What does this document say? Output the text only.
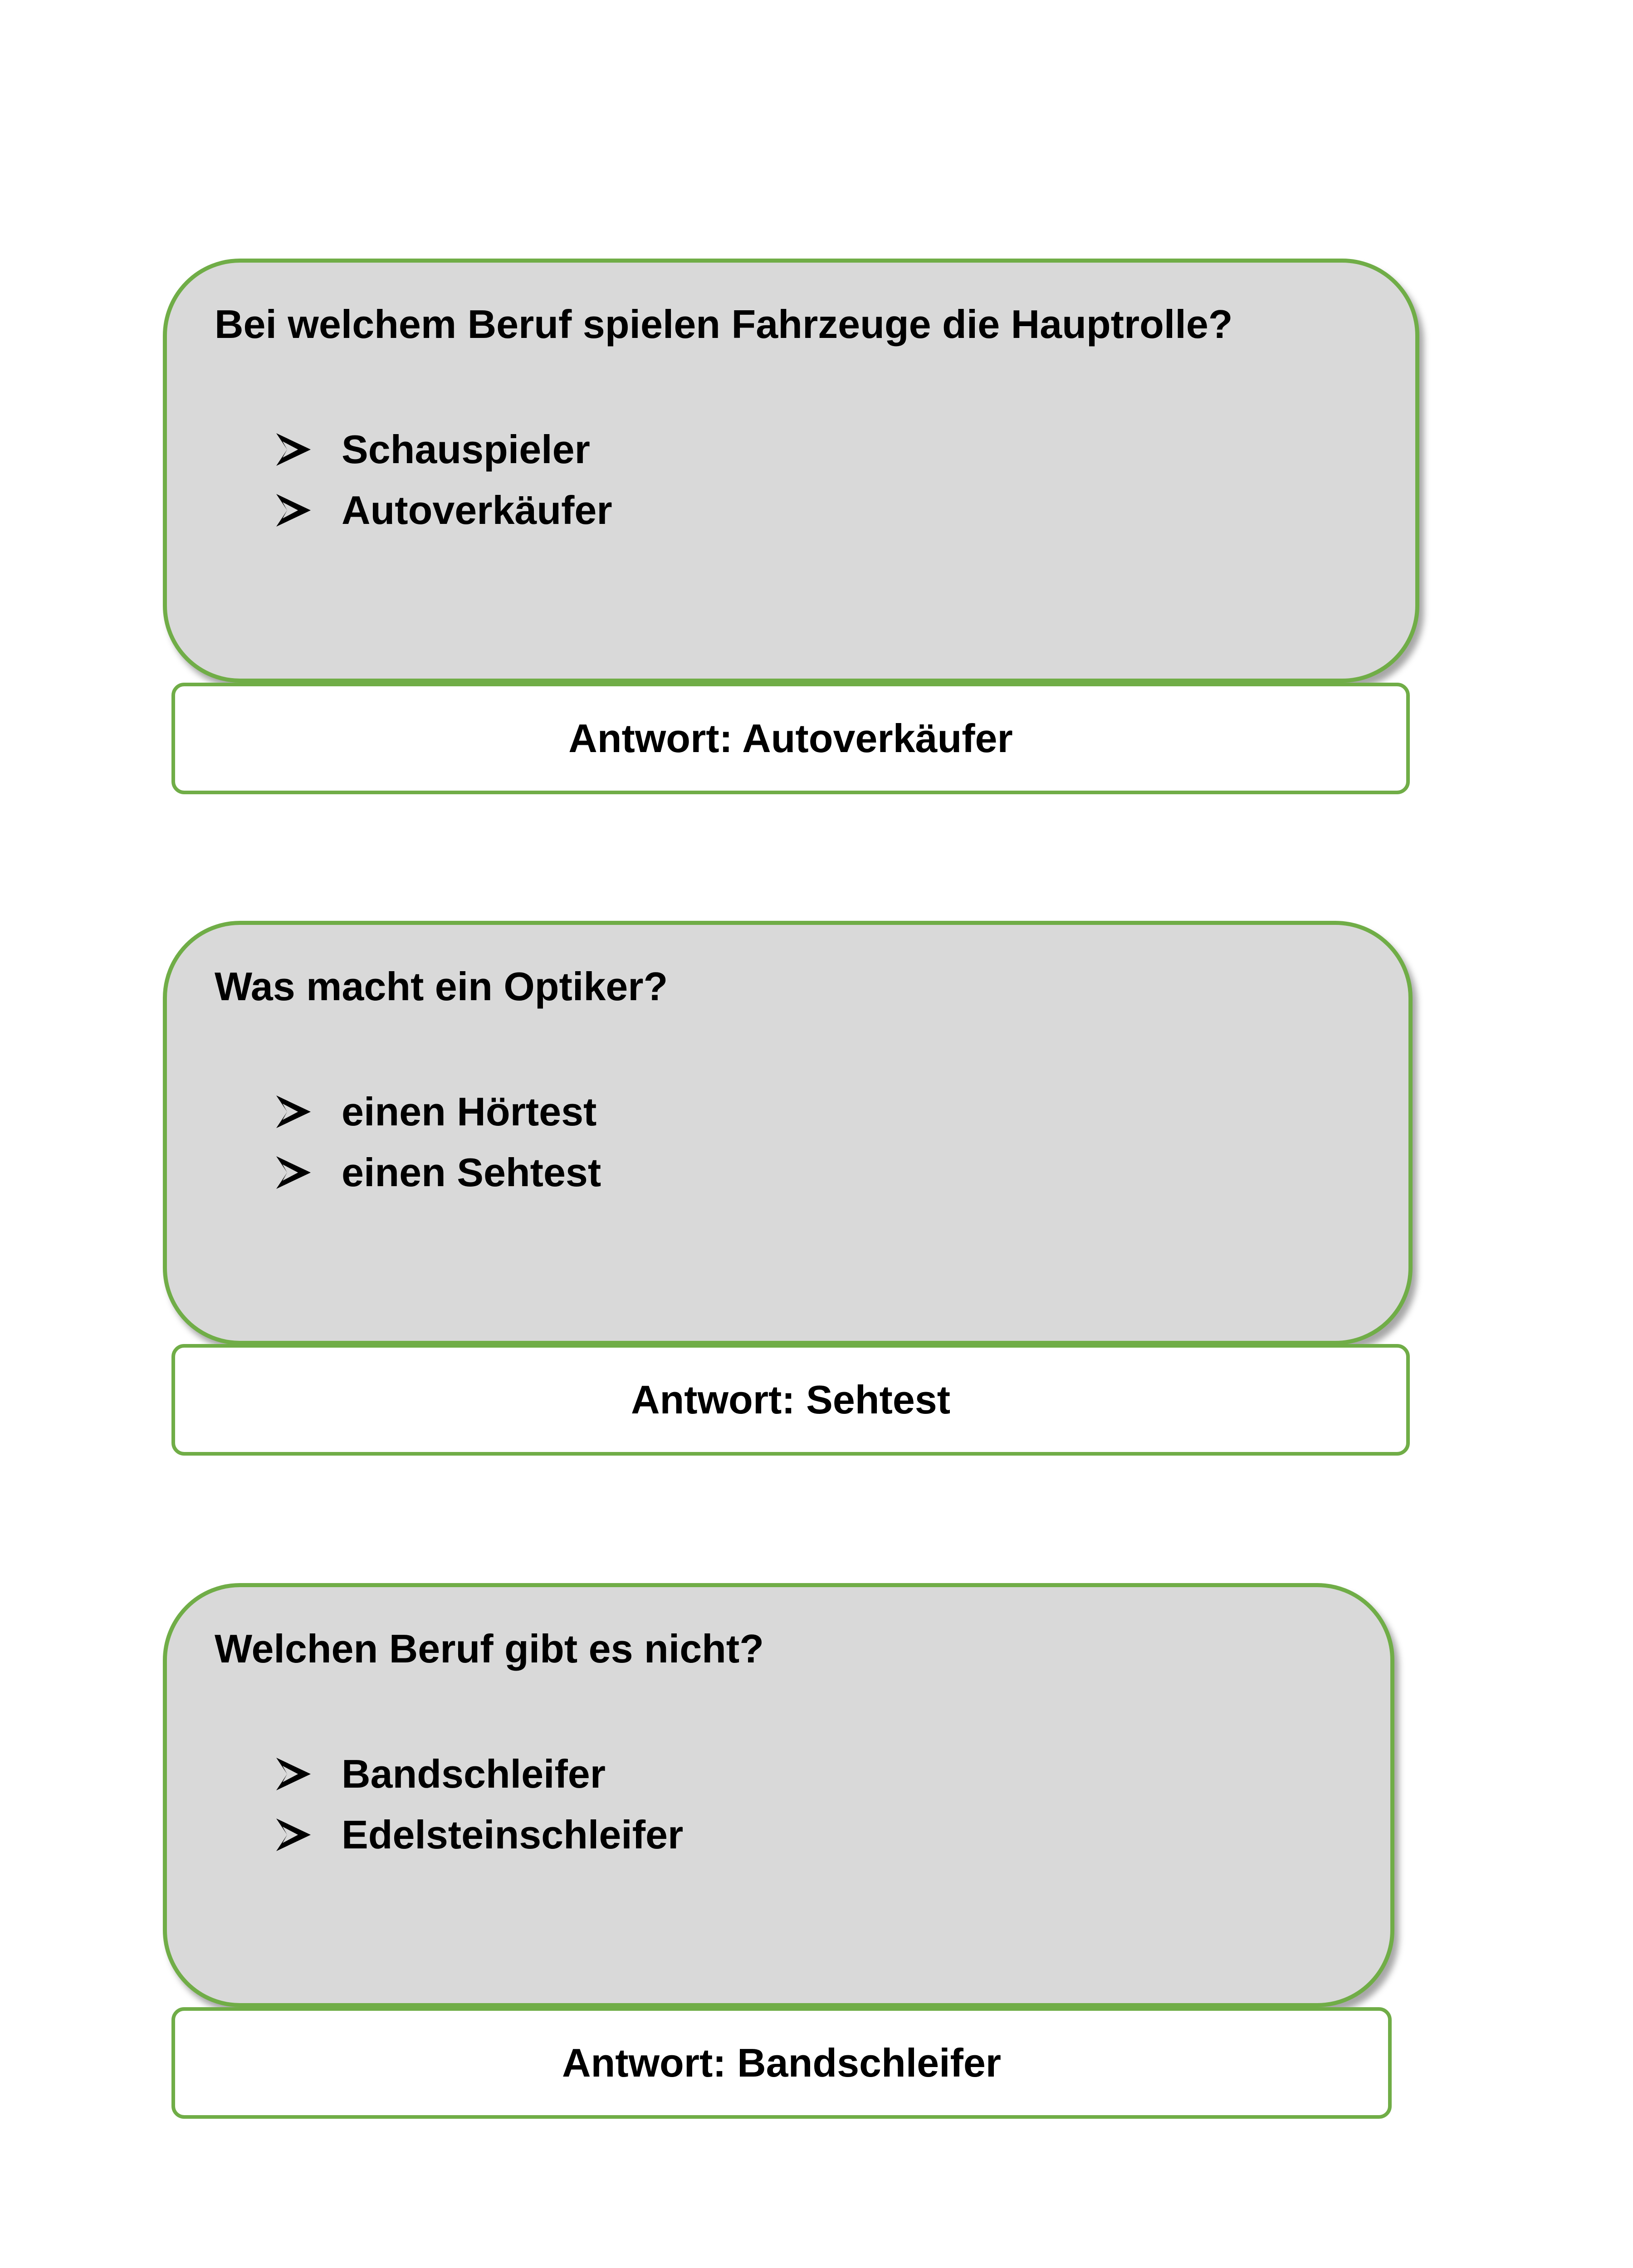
Bei welchem Beruf spielen Fahrzeuge die Hauptrolle?

Schauspieler
Autoverkäufer
Antwort: Autoverkäufer

Was macht ein Optiker?

einen Hörtest
einen Sehtest
Antwort: Sehtest

Welchen Beruf gibt es nicht?

Bandschleifer
Edelsteinschleifer
Antwort: Bandschleifer
